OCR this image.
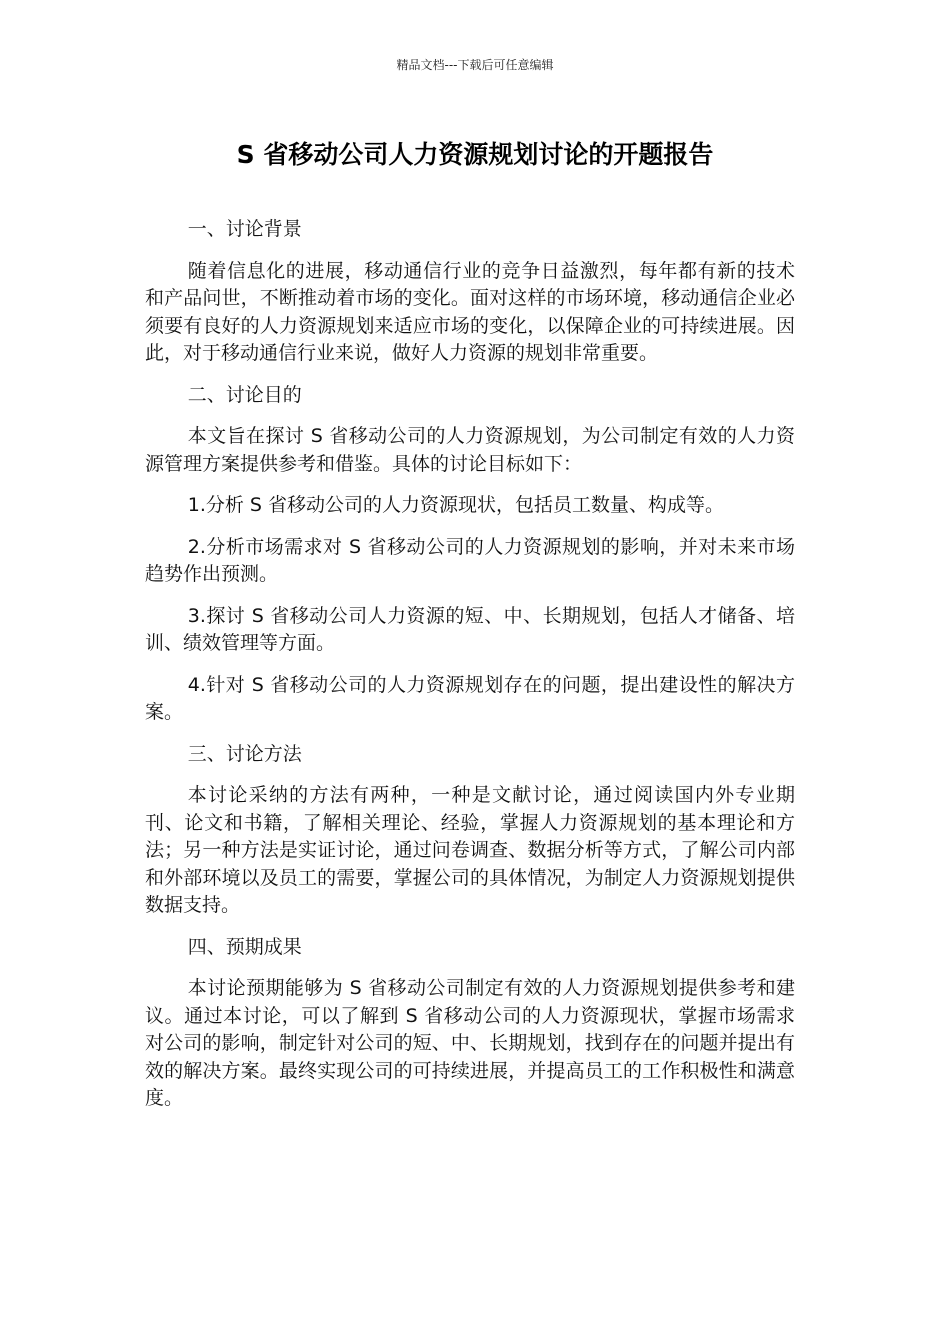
精品文档---下载后可任意编辑
S 省移动公司人力资源规划讨论的开题报告

一、讨论背景

随着信息化的进展，移动通信行业的竞争日益激烈，每年都有新的技术和产品问世，不断推动着市场的变化。面对这样的市场环境，移动通信企业必须要有良好的人力资源规划来适应市场的变化，以保障企业的可持续进展。因此，对于移动通信行业来说，做好人力资源的规划非常重要。

二、讨论目的

本文旨在探讨 S 省移动公司的人力资源规划，为公司制定有效的人力资源管理方案提供参考和借鉴。具体的讨论目标如下：

1.分析 S 省移动公司的人力资源现状，包括员工数量、构成等。

2.分析市场需求对 S 省移动公司的人力资源规划的影响，并对未来市场趋势作出预测。

3.探讨 S 省移动公司人力资源的短、中、长期规划，包括人才储备、培训、绩效管理等方面。

4.针对 S 省移动公司的人力资源规划存在的问题，提出建设性的解决方案。

三、讨论方法

本讨论采纳的方法有两种，一种是文献讨论，通过阅读国内外专业期刊、论文和书籍，了解相关理论、经验，掌握人力资源规划的基本理论和方法；另一种方法是实证讨论，通过问卷调查、数据分析等方式，了解公司内部和外部环境以及员工的需要，掌握公司的具体情况，为制定人力资源规划提供数据支持。

四、预期成果

本讨论预期能够为 S 省移动公司制定有效的人力资源规划提供参考和建议。通过本讨论，可以了解到 S 省移动公司的人力资源现状，掌握市场需求对公司的影响，制定针对公司的短、中、长期规划，找到存在的问题并提出有效的解决方案。最终实现公司的可持续进展，并提高员工的工作积极性和满意度。
